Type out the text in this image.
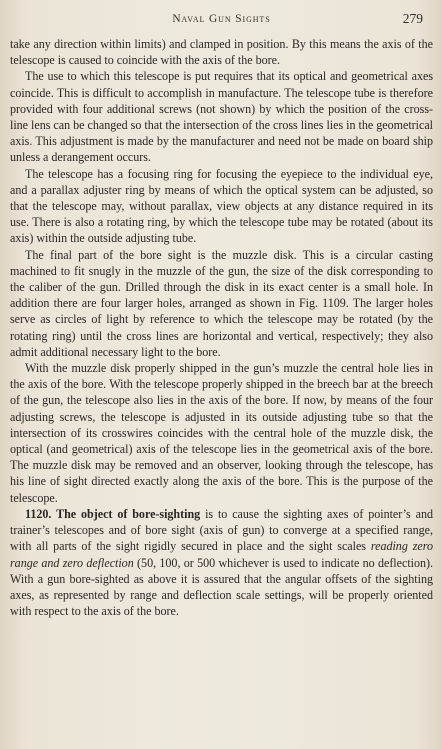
Naval Gun Sights	279

take any direction within limits) and clamped in position. By this means the axis of the telescope is caused to coincide with the axis of the bore.

The use to which this telescope is put requires that its optical and geometrical axes coincide. This is difficult to accomplish in manufacture. The telescope tube is therefore provided with four additional screws (not shown) by which the position of the cross-line lens can be changed so that the intersection of the cross lines lies in the geometrical axis. This adjustment is made by the manufacturer and need not be made on board ship unless a derangement occurs.

The telescope has a focusing ring for focusing the eyepiece to the individual eye, and a parallax adjuster ring by means of which the optical system can be adjusted, so that the telescope may, without parallax, view objects at any distance required in its use. There is also a rotating ring, by which the telescope tube may be rotated (about its axis) within the outside adjusting tube.

The final part of the bore sight is the muzzle disk. This is a circular casting machined to fit snugly in the muzzle of the gun, the size of the disk corresponding to the caliber of the gun. Drilled through the disk in its exact center is a small hole. In addition there are four larger holes, arranged as shown in Fig. 1109. The larger holes serve as circles of light by reference to which the telescope may be rotated (by the rotating ring) until the cross lines are horizontal and vertical, respectively; they also admit additional necessary light to the bore.

With the muzzle disk properly shipped in the gun’s muzzle the central hole lies in the axis of the bore. With the telescope properly shipped in the breech bar at the breech of the gun, the telescope also lies in the axis of the bore. If now, by means of the four adjusting screws, the telescope is adjusted in its outside adjusting tube so that the intersection of its crosswires coincides with the central hole of the muzzle disk, the optical (and geometrical) axis of the telescope lies in the geometrical axis of the bore. The muzzle disk may be removed and an observer, looking through the telescope, has his line of sight directed exactly along the axis of the bore. This is the purpose of the telescope.

1120. The object of bore-sighting is to cause the sighting axes of pointer’s and trainer’s telescopes and of bore sight (axis of gun) to converge at a specified range, with all parts of the sight rigidly secured in place and the sight scales reading zero range and zero deflection (50, 100, or 500 whichever is used to indicate no deflection). With a gun bore-sighted as above it is assured that the angular offsets of the sighting axes, as represented by range and deflection scale settings, will be properly oriented with respect to the axis of the bore.
